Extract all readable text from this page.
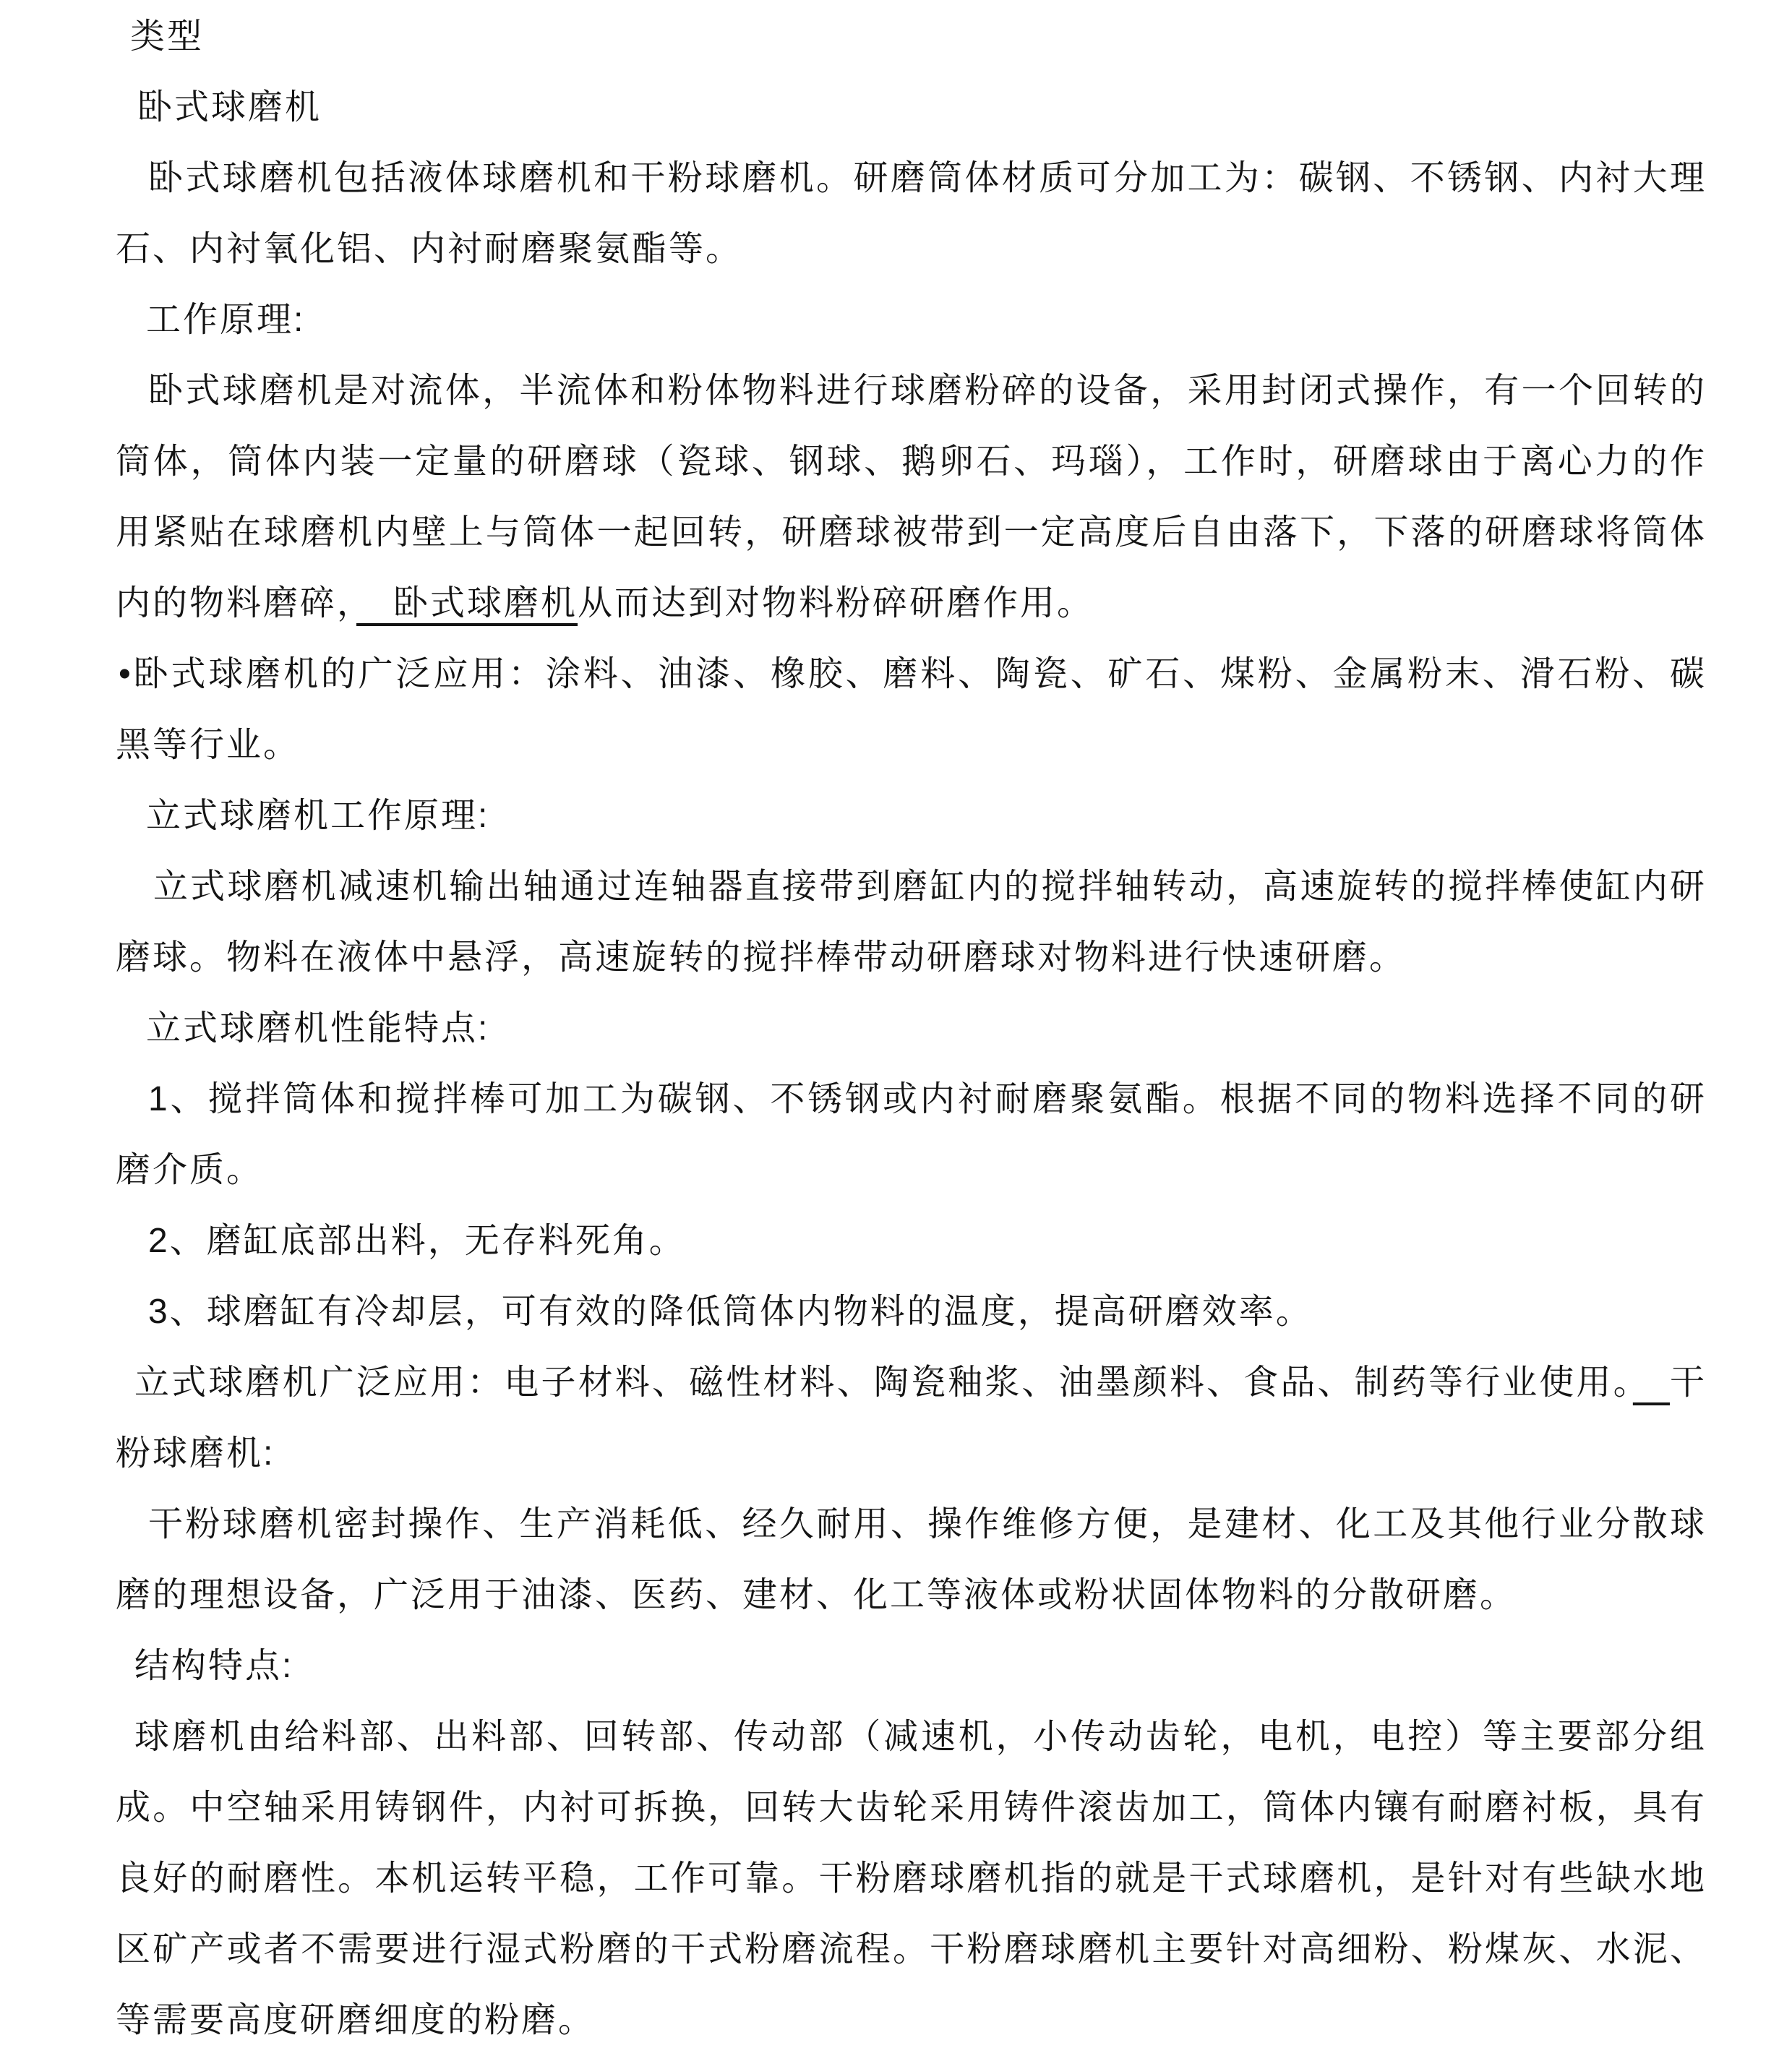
类型

卧式球磨机

卧式球磨机包括液体球磨机和干粉球磨机。研磨筒体材质可分加工为：碳钢、不锈钢、内衬大理石、内衬氧化铝、内衬耐磨聚氨酯等。

工作原理:

卧式球磨机是对流体，半流体和粉体物料进行球磨粉碎的设备，采用封闭式操作，有一个回转的筒体，筒体内装一定量的研磨球（瓷球、钢球、鹅卵石、玛瑙），工作时，研磨球由于离心力的作用紧贴在球磨机内壁上与筒体一起回转，研磨球被带到一定高度后自由落下，下落的研磨球将筒体内的物料磨碎，　卧式球磨机从而达到对物料粉碎研磨作用。

•卧式球磨机的广泛应用：涂料、油漆、橡胶、磨料、陶瓷、矿石、煤粉、金属粉末、滑石粉、碳黑等行业。

立式球磨机工作原理:

立式球磨机减速机输出轴通过连轴器直接带到磨缸内的搅拌轴转动，高速旋转的搅拌棒使缸内研磨球。物料在液体中悬浮，高速旋转的搅拌棒带动研磨球对物料进行快速研磨。

立式球磨机性能特点:

1、搅拌筒体和搅拌棒可加工为碳钢、不锈钢或内衬耐磨聚氨酯。根据不同的物料选择不同的研磨介质。

2、磨缸底部出料，无存料死角。

3、球磨缸有冷却层，可有效的降低筒体内物料的温度，提高研磨效率。

立式球磨机广泛应用：电子材料、磁性材料、陶瓷釉浆、油墨颜料、食品、制药等行业使用。　 干粉球磨机:

干粉球磨机密封操作、生产消耗低、经久耐用、操作维修方便，是建材、化工及其他行业分散球磨的理想设备，广泛用于油漆、医药、建材、化工等液体或粉状固体物料的分散研磨。

结构特点:

球磨机由给料部、出料部、回转部、传动部（减速机，小传动齿轮，电机，电控）等主要部分组成。中空轴采用铸钢件，内衬可拆换，回转大齿轮采用铸件滚齿加工，筒体内镶有耐磨衬板，具有良好的耐磨性。本机运转平稳，工作可靠。干粉磨球磨机指的就是干式球磨机，是针对有些缺水地区矿产或者不需要进行湿式粉磨的干式粉磨流程。干粉磨球磨机主要针对高细粉、粉煤灰、水泥、等需要高度研磨细度的粉磨。
